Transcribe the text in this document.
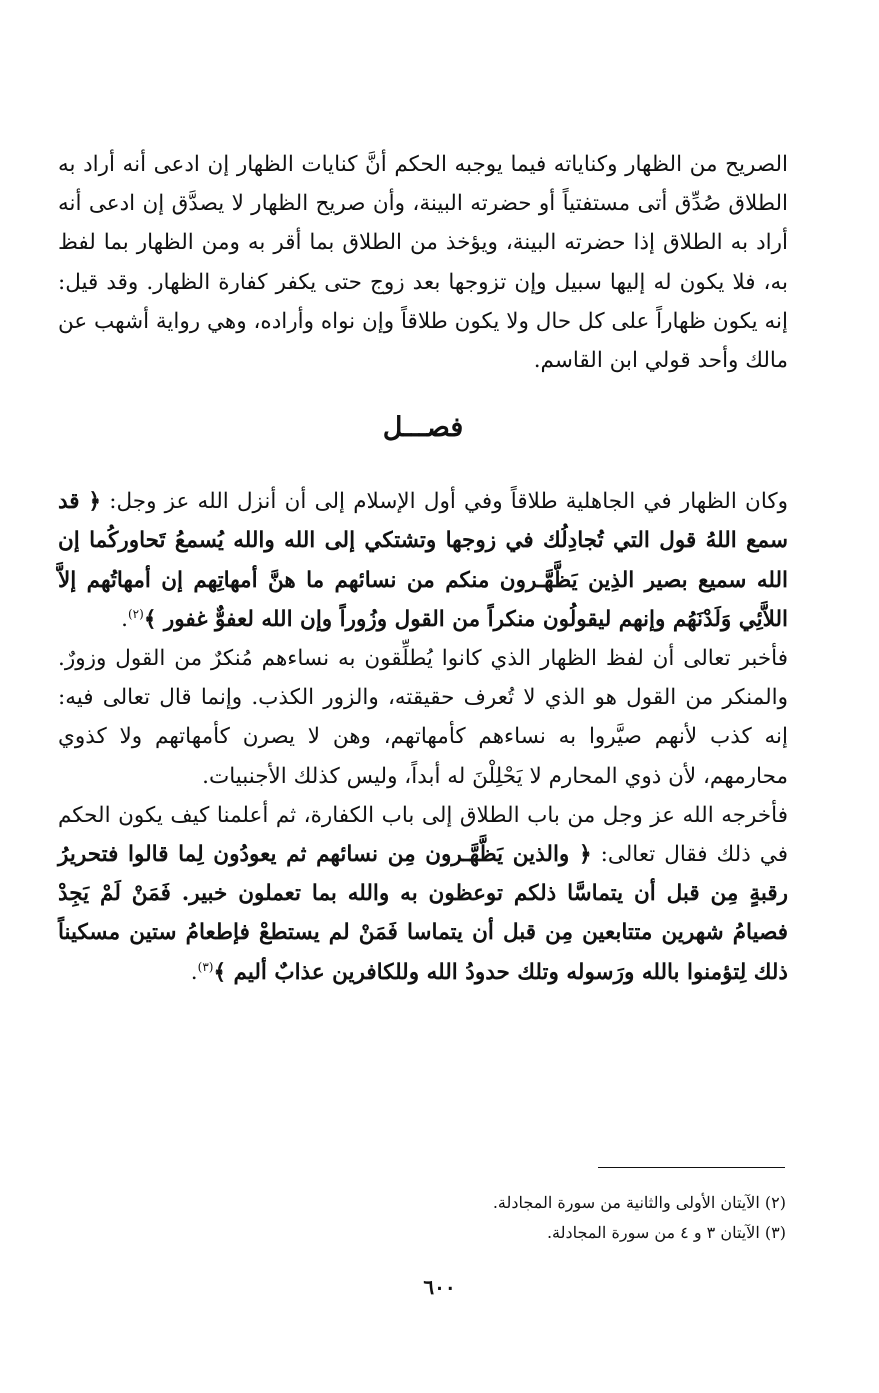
الصريح من الظهار وكناياته فيما يوجبه الحكم أنَّ كنايات الظهار إن ادعى أنه أراد به الطلاق صُدِّق أتى مستفتياً أو حضرته البينة، وأن صريح الظهار لا يصدَّق إن ادعى أنه أراد به الطلاق إذا حضرته البينة، ويؤخذ من الطلاق بما أقر به ومن الظهار بما لفظ به، فلا يكون له إليها سبيل وإن تزوجها بعد زوج حتى يكفر كفارة الظهار. وقد قيل: إنه يكون ظهاراً على كل حال ولا يكون طلاقاً وإن نواه وأراده، وهي رواية أشهب عن مالك وأحد قولي ابن القاسم.

فصـــل

وكان الظهار في الجاهلية طلاقاً وفي أول الإسلام إلى أن أنزل الله عز وجل: ﴿ قد سمع اللهُ قول التي تُجادِلُك في زوجها وتشتكي إلى الله والله يُسمعُ تَحاوركُما إن الله سميع بصير الذِين يَظَّهَّـرون منكم من نسائهم ما هنَّ أمهاتِهم إن أمهاتُهم إلاَّ اللاَّئِي وَلَدْنَهُم وإنهم ليقولُون منكراً من القول وزُوراً وإن الله لعفوٌّ غفور ﴾$^{(٢)}$.

فأخبر تعالى أن لفظ الظهار الذي كانوا يُطلِّقون به نساءهم مُنكرٌ من القول وزورٌ. والمنكر من القول هو الذي لا تُعرف حقيقته، والزور الكذب. وإنما قال تعالى فيه: إنه كذب لأنهم صيَّروا به نساءهم كأمهاتهم، وهن لا يصرن كأمهاتهم ولا كذوي محارمهم، لأن ذوي المحارم لا يَحْلِلْنَ له أبداً، وليس كذلك الأجنبيات.

فأخرجه الله عز وجل من باب الطلاق إلى باب الكفارة، ثم أعلمنا كيف يكون الحكم في ذلك فقال تعالى: ﴿ والذين يَظَّهَّـرون مِن نسائهم ثم يعودُون لِما قالوا فتحريرُ رقبةٍ مِن قبل أن يتماسَّا ذلكم توعظون به والله بما تعملون خبير. فَمَنْ لَمْ يَجِدْ فصيامُ شهرين متتابعين مِن قبل أن يتماسا فَمَنْ لم يستطعْ فإطعامُ ستين مسكيناً ذلك لِتؤمنوا بالله ورَسوله وتلك حدودُ الله وللكافرين عذابٌ أليم ﴾$^{(٣)}$.

(٢) الآيتان الأولى والثانية من سورة المجادلة.

(٣) الآيتان ٣ و ٤ من سورة المجادلة.

٦٠٠
